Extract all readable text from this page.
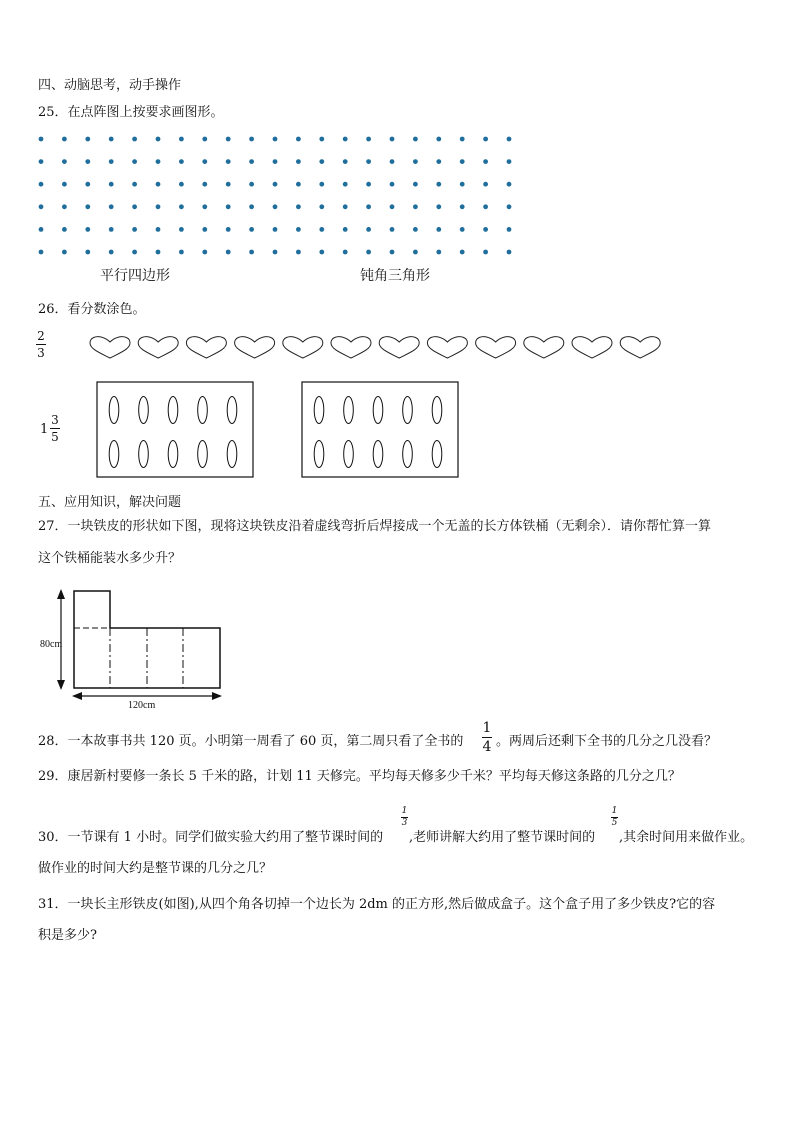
四、动脑思考，动手操作
25．在点阵图上按要求画图形。
平行四边形	钝角三角形
26．看分数涂色。
2
3
1
3
5
五、应用知识，解决问题
27．一块铁皮的形状如下图，现将这块铁皮沿着虚线弯折后焊接成一个无盖的长方体铁桶（无剩余）．请你帮忙算一算
这个铁桶能装水多少升？
80cm
120cm
28．一本故事书共 120 页。小明第一周看了 60 页，第二周只看了全书的
1
4 。两周后还剩下全书的几分之几没看？
29．康居新村要修一条长 5 千米的路，计划 11 天修完。平均每天修多少千米？平均每天修这条路的几分之几？
30．一节课有 1 小时。同学们做实验大约用了整节课时间的
1
3
,老师讲解大约用了整节课时间的
1
5
,其余时间用来做作业。
做作业的时间大约是整节课的几分之几？
31．一块长主形铁皮(如图),从四个角各切掉一个边长为 2dm 的正方形,然后做成盒子。这个盒子用了多少铁皮?它的容
积是多少?
